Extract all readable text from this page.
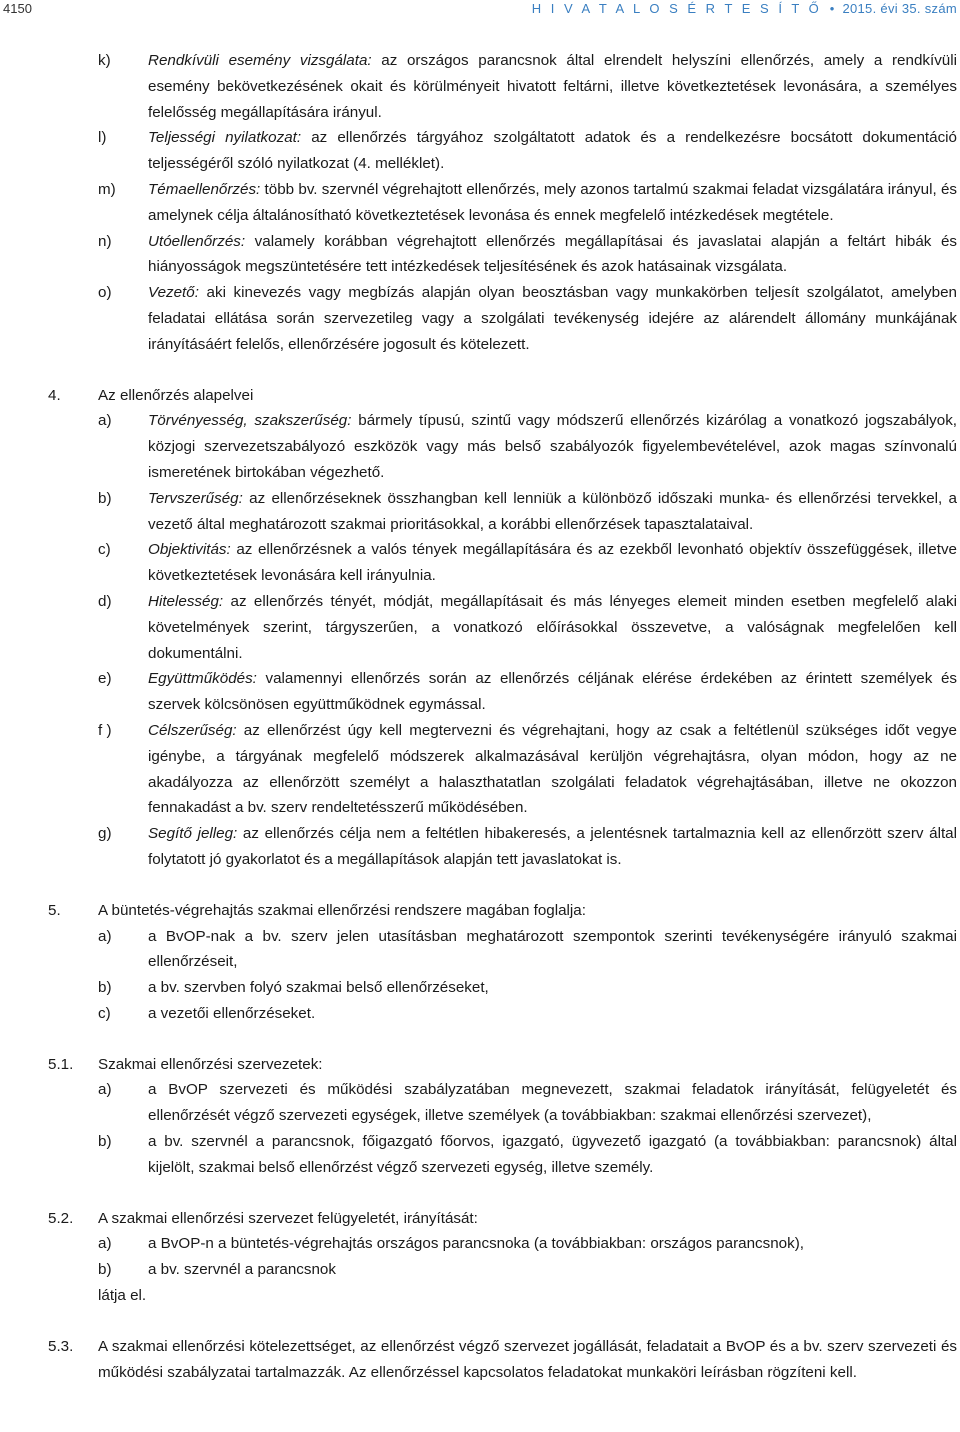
4150	H I V A T A L O S É R T E S Í T Ő • 2015. évi 35. szám
k) Rendkívüli esemény vizsgálata: az országos parancsnok által elrendelt helyszíni ellenőrzés, amely a rendkívüli esemény bekövetkezésének okait és körülményeit hivatott feltárni, illetve következtetések levonására, a személyes felelősség megállapítására irányul.
l)	Teljességi nyilatkozat: az ellenőrzés tárgyához szolgáltatott adatok és a rendelkezésre bocsátott dokumentáció teljességéről szóló nyilatkozat (4. melléklet).
m) Témaellenőrzés: több bv. szervnél végrehajtott ellenőrzés, mely azonos tartalmú szakmai feladat vizsgálatára irányul, és amelynek célja általánosítható következtetések levonása és ennek megfelelő intézkedések megtétele.
n) Utóellenőrzés: valamely korábban végrehajtott ellenőrzés megállapításai és javaslatai alapján a feltárt hibák és hiányosságok megszüntetésére tett intézkedések teljesítésének és azok hatásainak vizsgálata.
o) Vezető: aki kinevezés vagy megbízás alapján olyan beosztásban vagy munkakörben teljesít szolgálatot, amelyben feladatai ellátása során szervezetileg vagy a szolgálati tevékenység idejére az alárendelt állomány munkájának irányításáért felelős, ellenőrzésére jogosult és kötelezett.
4. Az ellenőrzés alapelvei
a) Törvényesség, szakszerűség: bármely típusú, szintű vagy módszerű ellenőrzés kizárólag a vonatkozó jogszabályok, közjogi szervezetszabályozó eszközök vagy más belső szabályozók figyelembevételével, azok magas színvonalú ismeretének birtokában végezhető.
b) Tervszerűség: az ellenőrzéseknek összhangban kell lenniük a különböző időszaki munka- és ellenőrzési tervekkel, a vezető által meghatározott szakmai prioritásokkal, a korábbi ellenőrzések tapasztalataival.
c) Objektivitás: az ellenőrzésnek a valós tények megállapítására és az ezekből levonható objektív összefüggések, illetve következtetések levonására kell irányulnia.
d) Hitelesség: az ellenőrzés tényét, módját, megállapításait és más lényeges elemeit minden esetben megfelelő alaki követelmények szerint, tárgyszerűen, a vonatkozó előírásokkal összevetve, a valóságnak megfelelően kell dokumentálni.
e) Együttműködés: valamennyi ellenőrzés során az ellenőrzés céljának elérése érdekében az érintett személyek és szervek kölcsönösen együttműködnek egymással.
f ) Célszerűség: az ellenőrzést úgy kell megtervezni és végrehajtani, hogy az csak a feltétlenül szükséges időt vegye igénybe, a tárgyának megfelelő módszerek alkalmazásával kerüljön végrehajtásra, olyan módon, hogy az ne akadályozza az ellenőrzött személyt a halaszthatatlan szolgálati feladatok végrehajtásában, illetve ne okozzon fennakadást a bv. szerv rendeltetésszerű működésében.
g) Segítő jelleg: az ellenőrzés célja nem a feltétlen hibakeresés, a jelentésnek tartalmaznia kell az ellenőrzött szerv által folytatott jó gyakorlatot és a megállapítások alapján tett javaslatokat is.
5. A büntetés-végrehajtás szakmai ellenőrzési rendszere magában foglalja:
a) a BvOP-nak a bv. szerv jelen utasításban meghatározott szempontok szerinti tevékenységére irányuló szakmai ellenőrzéseit,
b) a bv. szervben folyó szakmai belső ellenőrzéseket,
c) a vezetői ellenőrzéseket.
5.1. Szakmai ellenőrzési szervezetek:
a) a BvOP szervezeti és működési szabályzatában megnevezett, szakmai feladatok irányítását, felügyeletét és ellenőrzését végző szervezeti egységek, illetve személyek (a továbbiakban: szakmai ellenőrzési szervezet),
b) a bv. szervnél a parancsnok, főigazgató főorvos, igazgató, ügyvezető igazgató (a továbbiakban: parancsnok) által kijelölt, szakmai belső ellenőrzést végző szervezeti egység, illetve személy.
5.2. A szakmai ellenőrzési szervezet felügyeletét, irányítását:
a) a BvOP-n a büntetés-végrehajtás országos parancsnoka (a továbbiakban: országos parancsnok),
b) a bv. szervnél a parancsnok
látja el.
5.3. A szakmai ellenőrzési kötelezettséget, az ellenőrzést végző szervezet jogállását, feladatait a BvOP és a bv. szerv szervezeti és működési szabályzatai tartalmazzák. Az ellenőrzéssel kapcsolatos feladatokat munkaköri leírásban rögzíteni kell.
